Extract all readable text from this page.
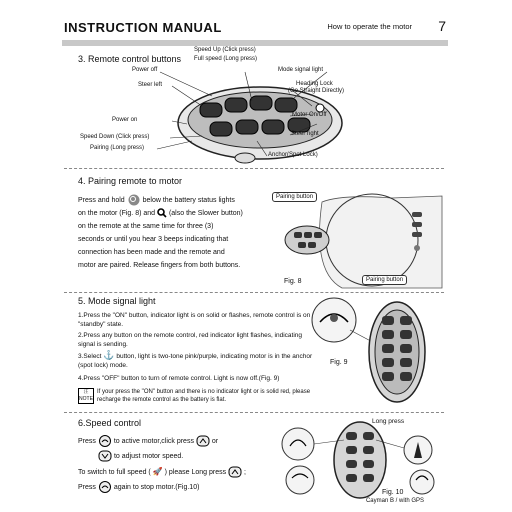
INSTRUCTION MANUAL	How to operate the motor 7
3. Remote control buttons
Speed Up (Click press)
Full speed (Long press)
Power off	Mode signal light
Steer left	Heading Lock
(Go Straight Directly)
Power on
Motor On/Off
Steer right
Speed Down (Click press)
Pairing (Long press)
Anchor(Spot Lock)
4. Pairing remote to motor
Press and hold	below the battery status lights
on the motor (Fig. 8) and (also the Slower button)
on the remote at the same time for three (3)
seconds or until you hear 3 beeps indicating that
connection has been made and the remote and
motor are paired. Release fingers from both buttons.
Pairing button
Pairing button
Fig. 8
5. Mode signal light
1.Press the "ON" button, indicator light is on solid or flashes, remote control is on "standby" state.
2.Press any button on the remote control, red indicator light flashes, indicating signal is sending.
3.Select ⚓ button, light is two-tone pink/purple, indicating motor is in the anchor (spot lock) mode.
4.Press "OFF" button to turn of remote control. Light is now off.(Fig. 9)
注 NOTE
If your press the "ON" button and there is no indicator light or is solid red, please recharge the remote control as the battery is flat.
Fig. 9
6.Speed control
Press	to active motor,click press	or
to adjust motor speed.
To switch to full speed ( 🚀 ) please Long press	;
Press	again to stop motor.(Fig.10)
Long press
Fig. 10
Cayman B / with GPS
